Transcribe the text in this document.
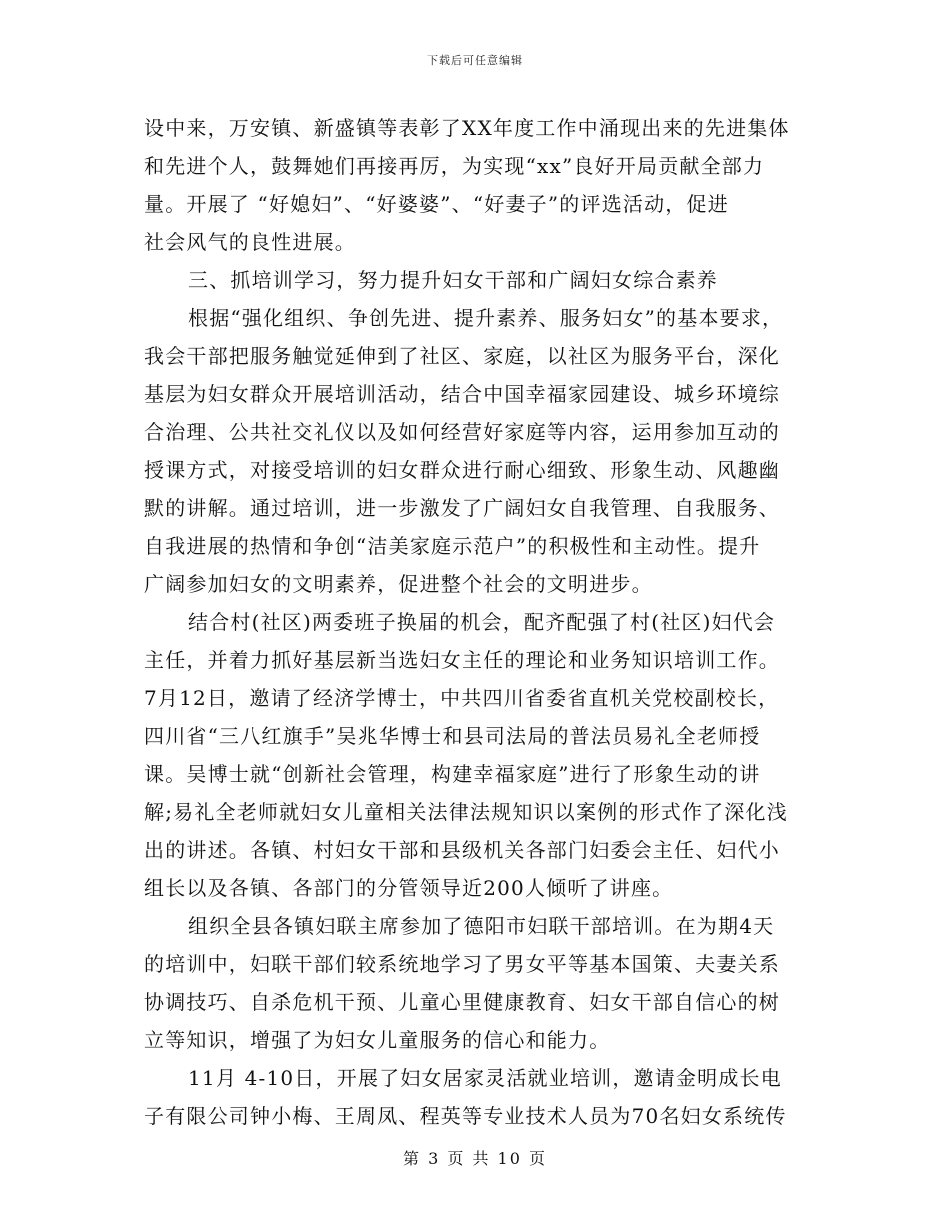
下载后可任意编辑
设中来，万安镇、新盛镇等表彰了XX年度工作中涌现出来的先进集体
和先进个人，鼓舞她们再接再厉，为实现“xx”良好开局贡献全部力
量。开展了 “好媳妇”、“好婆婆”、“好妻子”的评选活动，促进
社会风气的良性进展。
三、抓培训学习，努力提升妇女干部和广阔妇女综合素养
根据“强化组织、争创先进、提升素养、服务妇女”的基本要求，
我会干部把服务触觉延伸到了社区、家庭，以社区为服务平台，深化
基层为妇女群众开展培训活动，结合中国幸福家园建设、城乡环境综
合治理、公共社交礼仪以及如何经营好家庭等内容，运用参加互动的
授课方式，对接受培训的妇女群众进行耐心细致、形象生动、风趣幽
默的讲解。通过培训，进一步激发了广阔妇女自我管理、自我服务、
自我进展的热情和争创“洁美家庭示范户”的积极性和主动性。提升
广阔参加妇女的文明素养，促进整个社会的文明进步。
结合村(社区)两委班子换届的机会，配齐配强了村(社区)妇代会
主任，并着力抓好基层新当选妇女主任的理论和业务知识培训工作。
7月12日，邀请了经济学博士，中共四川省委省直机关党校副校长，
四川省“三八红旗手”吴兆华博士和县司法局的普法员易礼全老师授
课。吴博士就“创新社会管理，构建幸福家庭”进行了形象生动的讲
解;易礼全老师就妇女儿童相关法律法规知识以案例的形式作了深化浅
出的讲述。各镇、村妇女干部和县级机关各部门妇委会主任、妇代小
组长以及各镇、各部门的分管领导近200人倾听了讲座。
组织全县各镇妇联主席参加了德阳市妇联干部培训。在为期4天
的培训中，妇联干部们较系统地学习了男女平等基本国策、夫妻关系
协调技巧、自杀危机干预、儿童心里健康教育、妇女干部自信心的树
立等知识，增强了为妇女儿童服务的信心和能力。
11月 4-10日，开展了妇女居家灵活就业培训，邀请金明成长电
子有限公司钟小梅、王周凤、程英等专业技术人员为70名妇女系统传
第 3 页 共 10 页
